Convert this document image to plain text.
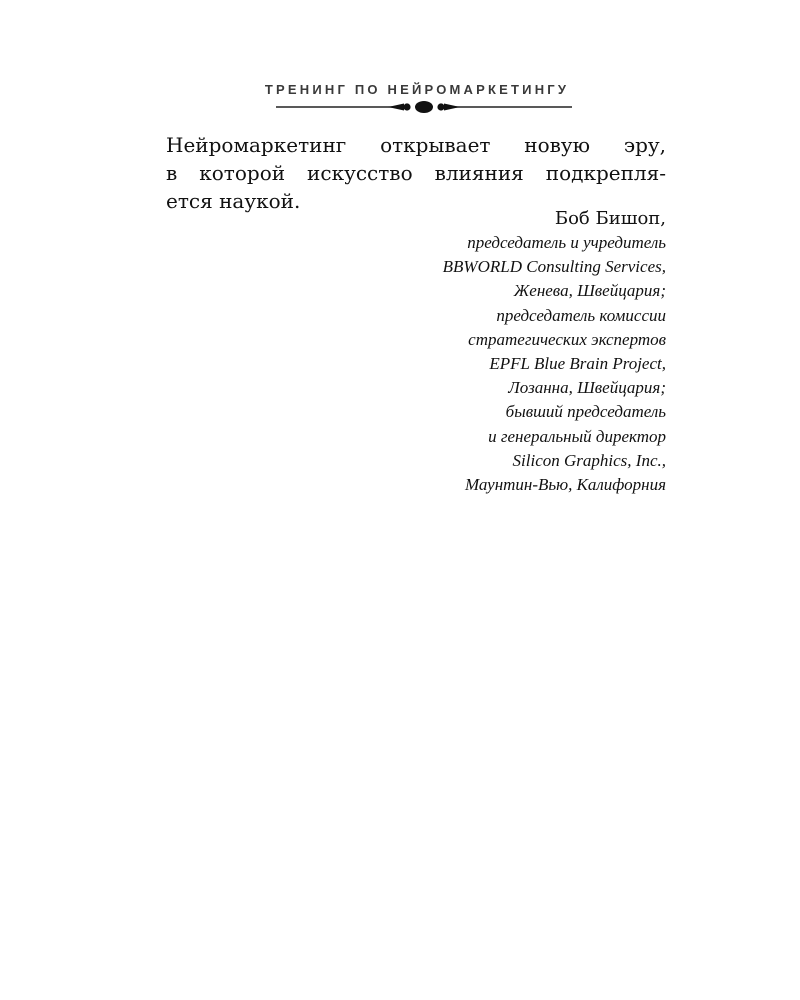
ТРЕНИНГ ПО НЕЙРОМАРКЕТИНГУ
Нейромаркетинг открывает новую эру,
в которой искусство влияния подкрепля-
ется наукой.
Боб Бишоп,
председатель и учредитель
BBWORLD Consulting Services,
Женева, Швейцария;
председатель комиссии
стратегических экспертов
EPFL Blue Brain Project,
Лозанна, Швейцария;
бывший председатель
и генеральный директор
Silicon Graphics, Inc.,
Маунтин-Вью, Калифорния
